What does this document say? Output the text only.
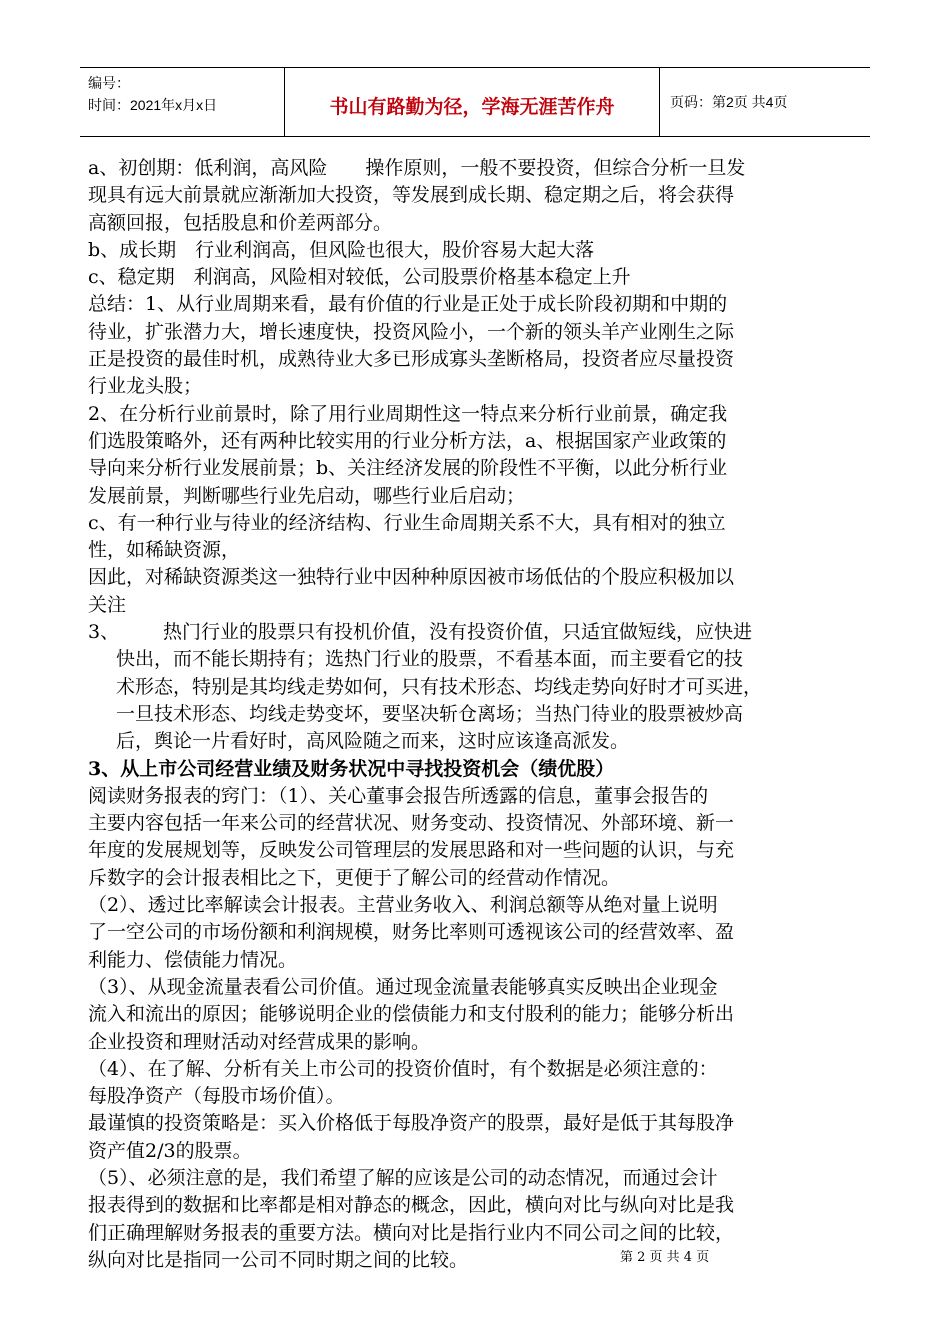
编号：
时间：2021年x月x日	书山有路勤为径，学海无涯苦作舟	页码：第2页 共4页

a、初创期：低利润，高风险　　操作原则，一般不要投资，但综合分析一旦发

现具有远大前景就应渐渐加大投资，等发展到成长期、稳定期之后，将会获得

高额回报，包括股息和价差两部分。

b、成长期　行业利润高，但风险也很大，股价容易大起大落

c、稳定期　利润高，风险相对较低，公司股票价格基本稳定上升

总结：1、从行业周期来看，最有价值的行业是正处于成长阶段初期和中期的

待业，扩张潜力大，增长速度快，投资风险小，一个新的领头羊产业刚生之际

正是投资的最佳时机，成熟待业大多已形成寡头垄断格局，投资者应尽量投资

行业龙头股；

2、在分析行业前景时，除了用行业周期性这一特点来分析行业前景，确定我

们选股策略外，还有两种比较实用的行业分析方法，a、根据国家产业政策的

导向来分析行业发展前景；b、关注经济发展的阶段性不平衡，以此分析行业

发展前景，判断哪些行业先启动，哪些行业后启动；

c、有一种行业与待业的经济结构、行业生命周期关系不大，具有相对的独立

性，如稀缺资源，

因此，对稀缺资源类这一独特行业中因种种原因被市场低估的个股应积极加以

关注

3、　热门行业的股票只有投机价值，没有投资价值，只适宜做短线，应快进

快出，而不能长期持有；选热门行业的股票，不看基本面，而主要看它的技

术形态，特别是其均线走势如何，只有技术形态、均线走势向好时才可买进，

一旦技术形态、均线走势变坏，要坚决斩仓离场；当热门待业的股票被炒高

后，舆论一片看好时，高风险随之而来，这时应该逢高派发。

3、从上市公司经营业绩及财务状况中寻找投资机会（绩优股）

阅读财务报表的窍门：（1）、关心董事会报告所透露的信息，董事会报告的

主要内容包括一年来公司的经营状况、财务变动、投资情况、外部环境、新一

年度的发展规划等，反映发公司管理层的发展思路和对一些问题的认识，与充

斥数字的会计报表相比之下，更便于了解公司的经营动作情况。

（2）、透过比率解读会计报表。主营业务收入、利润总额等从绝对量上说明

了一空公司的市场份额和利润规模，财务比率则可透视该公司的经营效率、盈

利能力、偿债能力情况。

（3）、从现金流量表看公司价值。通过现金流量表能够真实反映出企业现金

流入和流出的原因；能够说明企业的偿债能力和支付股利的能力；能够分析出

企业投资和理财活动对经营成果的影响。

（4）、在了解、分析有关上市公司的投资价值时，有个数据是必须注意的：

每股净资产（每股市场价值）。

最谨慎的投资策略是：买入价格低于每股净资产的股票，最好是低于其每股净

资产值2/3的股票。

（5）、必须注意的是，我们希望了解的应该是公司的动态情况，而通过会计

报表得到的数据和比率都是相对静态的概念，因此，横向对比与纵向对比是我

们正确理解财务报表的重要方法。横向对比是指行业内不同公司之间的比较，

纵向对比是指同一公司不同时期之间的比较。	第 2 页 共 4 页
